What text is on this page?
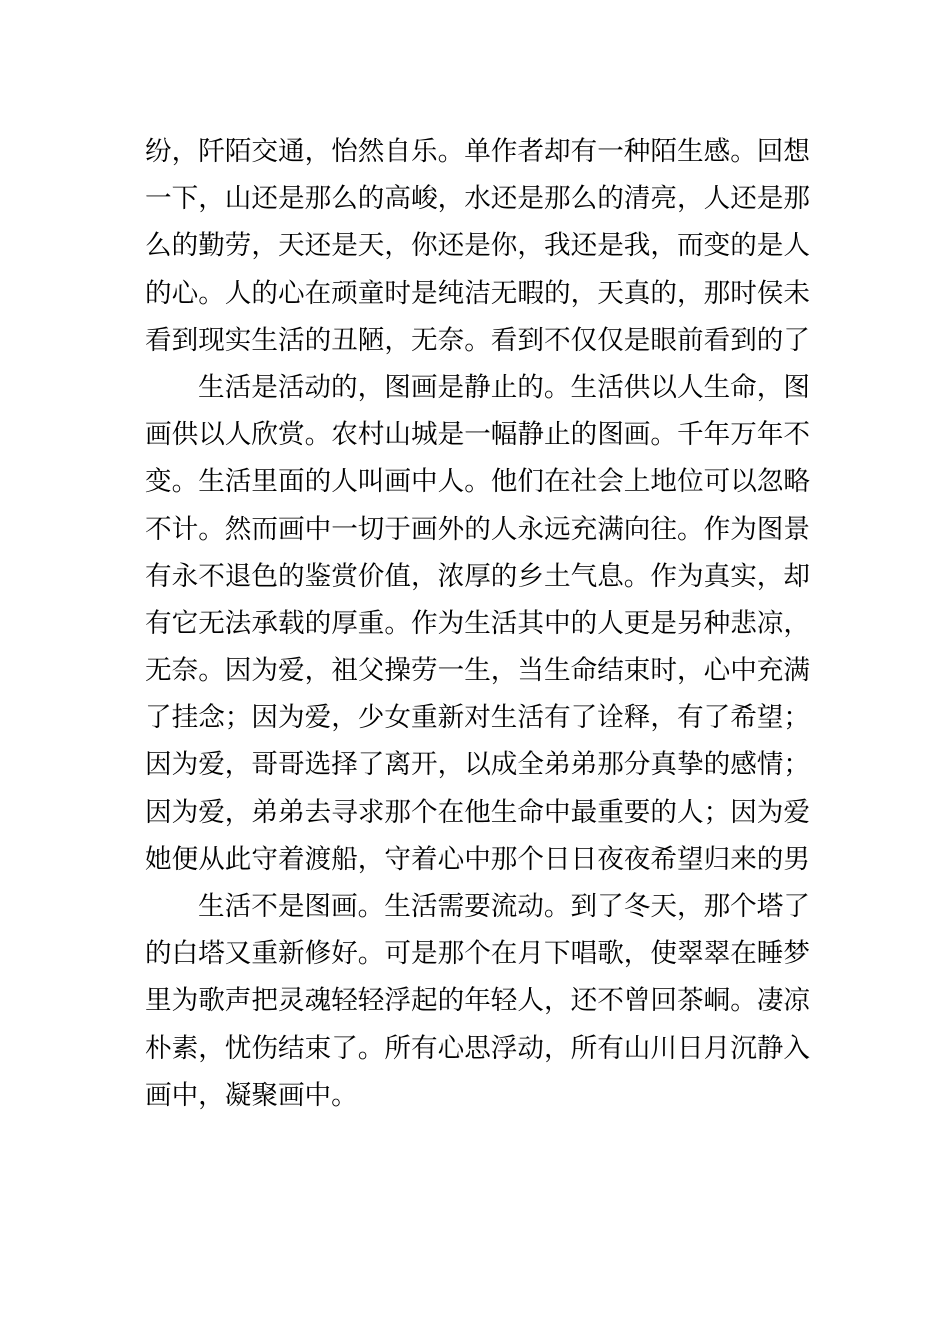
纷，阡陌交通，怡然自乐。单作者却有一种陌生感。回想
一下，山还是那么的高峻，水还是那么的清亮，人还是那
么的勤劳，天还是天，你还是你，我还是我，而变的是人
的心。人的心在顽童时是纯洁无暇的，天真的，那时侯未
看到现实生活的丑陋，无奈。看到不仅仅是眼前看到的了
生活是活动的，图画是静止的。生活供以人生命，图
画供以人欣赏。农村山城是一幅静止的图画。千年万年不
变。生活里面的人叫画中人。他们在社会上地位可以忽略
不计。然而画中一切于画外的人永远充满向往。作为图景
有永不退色的鉴赏价值，浓厚的乡土气息。作为真实，却
有它无法承载的厚重。作为生活其中的人更是另种悲凉，
无奈。因为爱，祖父操劳一生，当生命结束时，心中充满
了挂念；因为爱，少女重新对生活有了诠释，有了希望；
因为爱，哥哥选择了离开，以成全弟弟那分真挚的感情；
因为爱，弟弟去寻求那个在他生命中最重要的人；因为爱
她便从此守着渡船，守着心中那个日日夜夜希望归来的男
生活不是图画。生活需要流动。到了冬天，那个塔了
的白塔又重新修好。可是那个在月下唱歌，使翠翠在睡梦
里为歌声把灵魂轻轻浮起的年轻人，还不曾回茶峒。凄凉
朴素，忧伤结束了。所有心思浮动，所有山川日月沉静入
画中，凝聚画中。
